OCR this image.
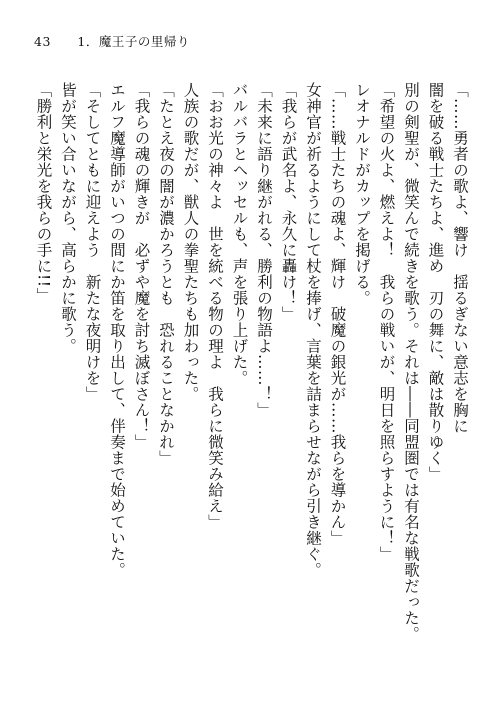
43 1．魔王子の里帰り
「……勇者の歌よ、響け　揺るぎない意志を胸に
闇を破る戦士たちよ、進め　刃の舞に、敵は散りゆく」
別の剣聖が、微笑んで続きを歌う。それは――同盟圏では有名な戦歌だった。
「希望の火よ、燃えよ！　我らの戦いが、明日を照らすように！」
レオナルドがカップを掲げる。
「……戦士たちの魂よ、輝け　破魔の銀光が……我らを導かん」
女神官が祈るようにして杖を捧げ、言葉を詰まらせながら引き継ぐ。
「我らが武名よ、永久に轟け！」
「未来に語り継がれる、勝利の物語よ……！」
バルバラとヘッセルも、声を張り上げた。
「おお光の神々よ　世を統べる物の理よ　我らに微笑み給え」
人族の歌だが、獣人の拳聖たちも加わった。
「たとえ夜の闇が濃かろうとも　恐れることなかれ」
「我らの魂の輝きが　必ずや魔を討ち滅ぼさん！」
エルフ魔導師がいつの間にか笛を取り出して、伴奏まで始めていた。
「そしてともに迎えよう　新たな夜明けを」
皆が笑い合いながら、高らかに歌う。
「勝利と栄光を我らの手に!!」
